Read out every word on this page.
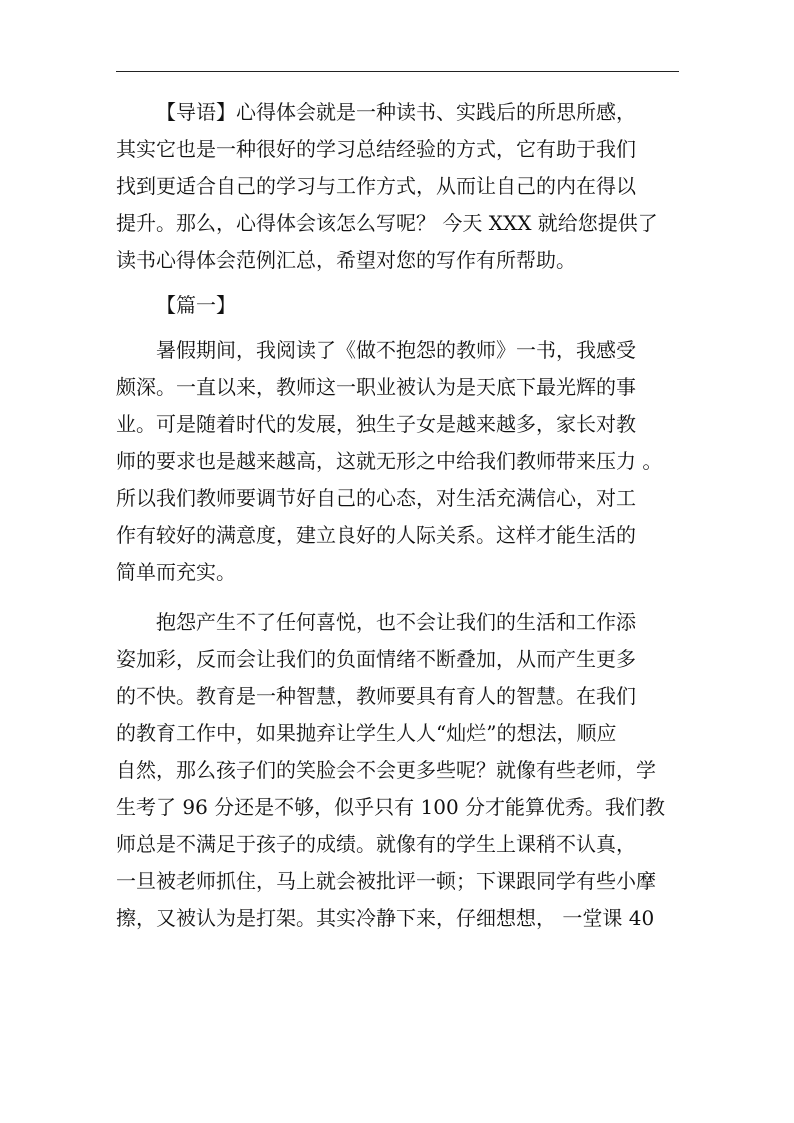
【导语】心得体会就是一种读书、实践后的所思所感，
其实它也是一种很好的学习总结经验的方式，它有助于我们
找到更适合自己的学习与工作方式，从而让自己的内在得以
提升。那么，心得体会该怎么写呢？ 今天 XXX 就给您提供了
读书心得体会范例汇总，希望对您的写作有所帮助。
【篇一】
暑假期间，我阅读了《做不抱怨的教师》一书，我感受
颇深。一直以来，教师这一职业被认为是天底下最光辉的事
业。可是随着时代的发展，独生子女是越来越多，家长对教
师的要求也是越来越高，这就无形之中给我们教师带来压力 。
所以我们教师要调节好自己的心态，对生活充满信心，对工
作有较好的满意度，建立良好的人际关系。这样才能生活的
简单而充实。
抱怨产生不了任何喜悦，也不会让我们的生活和工作添
姿加彩，反而会让我们的负面情绪不断叠加，从而产生更多
的不快。教育是一种智慧，教师要具有育人的智慧。在我们
的教育工作中，如果抛弃让学生人人“灿烂”的想法，顺应
自然，那么孩子们的笑脸会不会更多些呢？就像有些老师，学
生考了 96 分还是不够，似乎只有 100 分才能算优秀。我们教
师总是不满足于孩子的成绩。就像有的学生上课稍不认真，
一旦被老师抓住，马上就会被批评一顿；下课跟同学有些小摩
擦，又被认为是打架。其实冷静下来，仔细想想， 一堂课 40
